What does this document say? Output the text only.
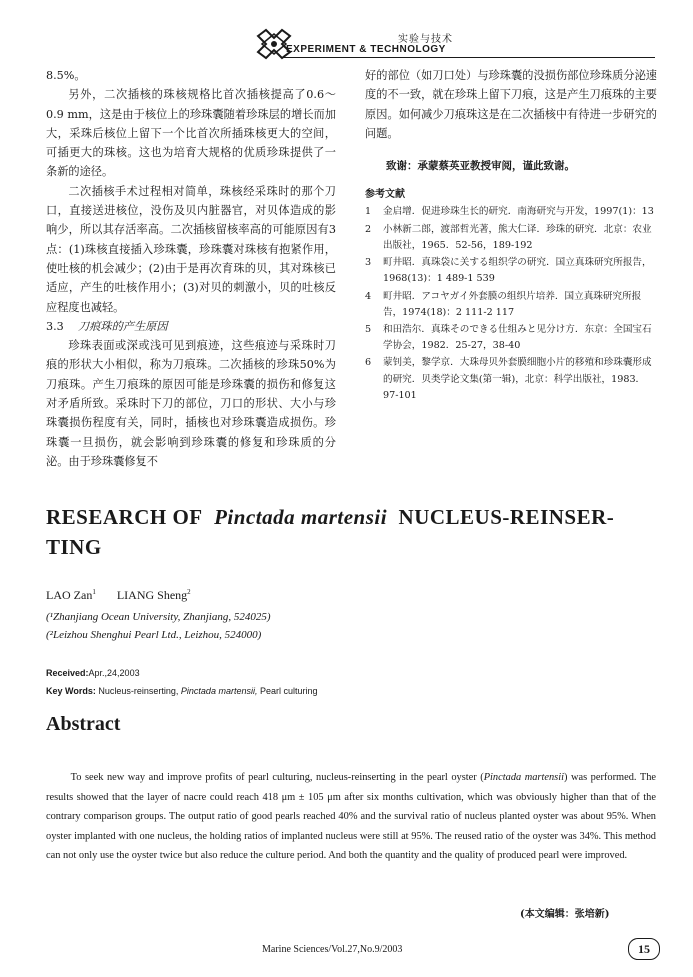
实验与技术
EXPERIMENT & TECHNOLOGY

8.5%。

另外，二次插核的珠核规格比首次插核提高了0.6～0.9 mm，这是由于核位上的珍珠囊随着珍珠层的增长而加大，采珠后核位上留下一个比首次所插珠核更大的空间，可插更大的珠核。这也为培育大规格的优质珍珠提供了一条新的途径。

二次插核手术过程相对简单，珠核经采珠时的那个刀口，直接送进核位，没伤及贝内脏器官，对贝体造成的影响少，所以其存活率高。二次插核留核率高的可能原因有3点：(1)珠核直接插入珍珠囊，珍珠囊对珠核有抱紧作用，使吐核的机会减少；(2)由于是再次育珠的贝，其对珠核已适应，产生的吐核作用小；(3)对贝的刺激小，贝的吐核反应程度也减轻。

3.3 刀痕珠的产生原因

珍珠表面或深或浅可见到痕迹，这些痕迹与采珠时刀痕的形状大小相似，称为刀痕珠。二次插核的珍珠50%为刀痕珠。产生刀痕珠的原因可能是珍珠囊的损伤和修复这对矛盾所致。采珠时下刀的部位，刀口的形状、大小与珍珠囊损伤程度有关，同时，插核也对珍珠囊造成损伤。珍珠囊一旦损伤，就会影响到珍珠囊的修复和珍珠质的分泌。由于珍珠囊修复不

好的部位（如刀口处）与珍珠囊的没损伤部位珍珠质分泌速度的不一致，就在珍珠上留下刀痕，这是产生刀痕珠的主要原因。如何减少刀痕珠这是在二次插核中有待进一步研究的问题。

致谢：承蒙蔡英亚教授审阅，谨此致谢。

参考文献

1	金启增．促进珍珠生长的研究．南海研究与开发，1997(1)：13
2	小林新二郎，渡部哲光著，熊大仁译．珍珠的研究．北京：农业出版社，1965．52-56，189-192
3	町井昭．真珠袋に关する组织学の研究．国立真珠研究所报告，1968(13)：1 489-1 539
4	町井昭．アコヤガイ外套膜の组织片培养．国立真珠研究所报告，1974(18)：2 111-2 117
5	和田浩尔．真珠そのできる仕组みと见分け方．东京：全国宝石学协会，1982．25-27，38-40
6	蒙钊美，黎学京．大珠母贝外套膜细胞小片的移殖和珍珠囊形成的研究．贝类学论文集(第一辑)，北京：科学出版社，1983．97-101
RESEARCH OF Pinctada martensii NUCLEUS-REINSER-
TING
LAO Zan$^1$ LIANG Sheng$^2$
(¹Zhanjiang Ocean University, Zhanjiang, 524025)
(²Leizhou Shenghui Pearl Ltd., Leizhou, 524000)
Received:Apr.,24,2003
Key Words: Nucleus-reinserting, Pinctada martensii, Pearl culturing
Abstract
To seek new way and improve profits of pearl culturing, nucleus-reinserting in the pearl oyster (Pinctada martensii) was performed. The results showed that the layer of nacre could reach 418 μm ± 105 μm after six months cultivation, which was obviously higher than that of the contrary comparison groups. The output ratio of good pearls reached 40% and the survival ratio of nucleus planted oyster was about 95%. When oyster implanted with one nucleus, the holding ratios of implanted nucleus were still at 95%. The reused ratio of the oyster was 34%. This method can not only use the oyster twice but also reduce the culture period. And both the quantity and the quality of produced pearl were improved.
(本文编辑：张培新)
Marine Sciences/Vol.27,No.9/2003	15
